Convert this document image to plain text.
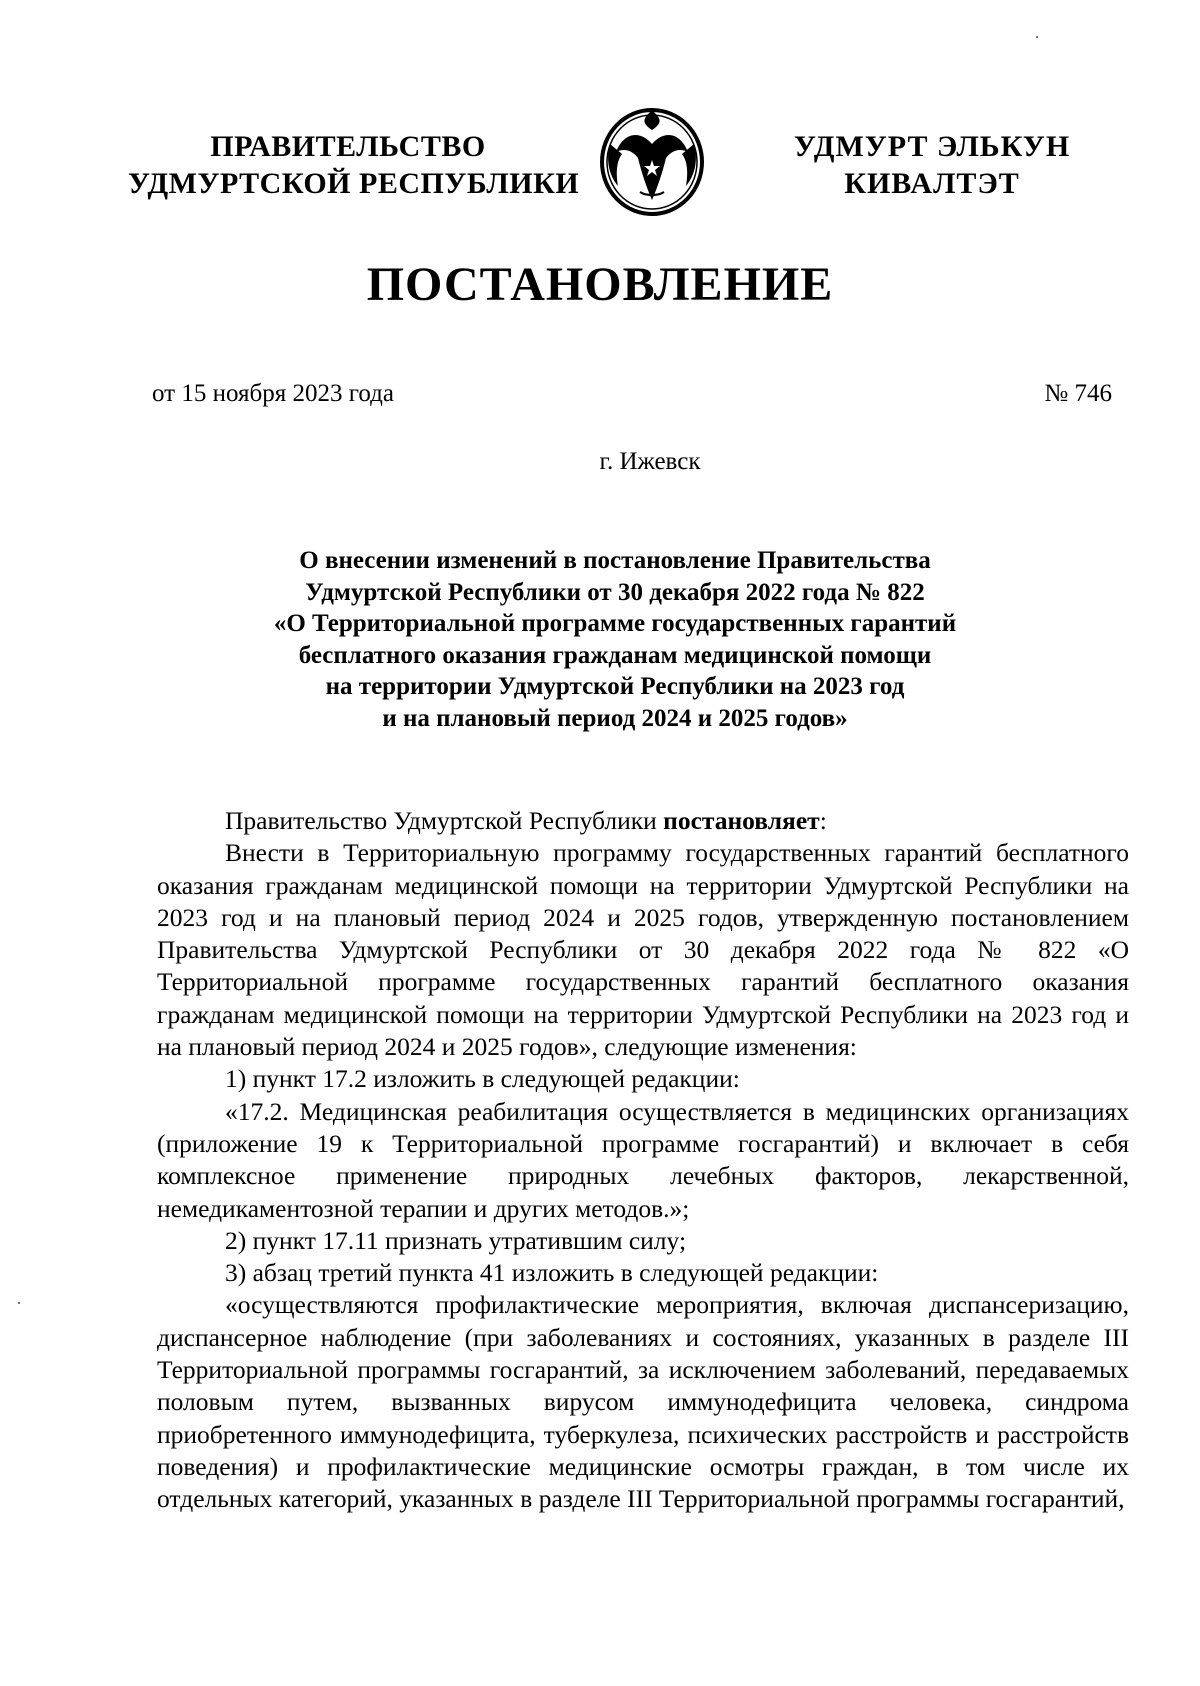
ПРАВИТЕЛЬСТВО
УДМУРТСКОЙ РЕСПУБЛИКИ
УДМУРТ ЭЛЬКУН
КИВАЛТЭТ
ПОСТАНОВЛЕНИЕ
от 15 ноября 2023 года	№ 746
г. Ижевск
О внесении изменений в постановление Правительства
Удмуртской Республики от 30 декабря 2022 года № 822
«О Территориальной программе государственных гарантий
бесплатного оказания гражданам медицинской помощи
на территории Удмуртской Республики на 2023 год
и на плановый период 2024 и 2025 годов»

Правительство Удмуртской Республики постановляет:

Внести в Территориальную программу государственных гарантий бесплатного оказания гражданам медицинской помощи на территории Удмуртской Республики на 2023 год и на плановый период 2024 и 2025 годов, утвержденную постановлением Правительства Удмуртской Республики от 30 декабря 2022 года № 822 «О Территориальной программе государственных гарантий бесплатного оказания гражданам медицинской помощи на территории Удмуртской Республики на 2023 год и на плановый период 2024 и 2025 годов», следующие изменения:

1) пункт 17.2 изложить в следующей редакции:

«17.2. Медицинская реабилитация осуществляется в медицинских организациях (приложение 19 к Территориальной программе госгарантий) и включает в себя комплексное применение природных лечебных факторов, лекарственной, немедикаментозной терапии и других методов.»;

2) пункт 17.11 признать утратившим силу;

3) абзац третий пункта 41 изложить в следующей редакции:

«осуществляются профилактические мероприятия, включая диспансеризацию, диспансерное наблюдение (при заболеваниях и состояниях, указанных в разделе III Территориальной программы госгарантий, за исключением заболеваний, передаваемых половым путем, вызванных вирусом иммунодефицита человека, синдрома приобретенного иммунодефицита, туберкулеза, психических расстройств и расстройств поведения) и профилактические медицинские осмотры граждан, в том числе их отдельных категорий, указанных в разделе III Территориальной программы госгарантий,
